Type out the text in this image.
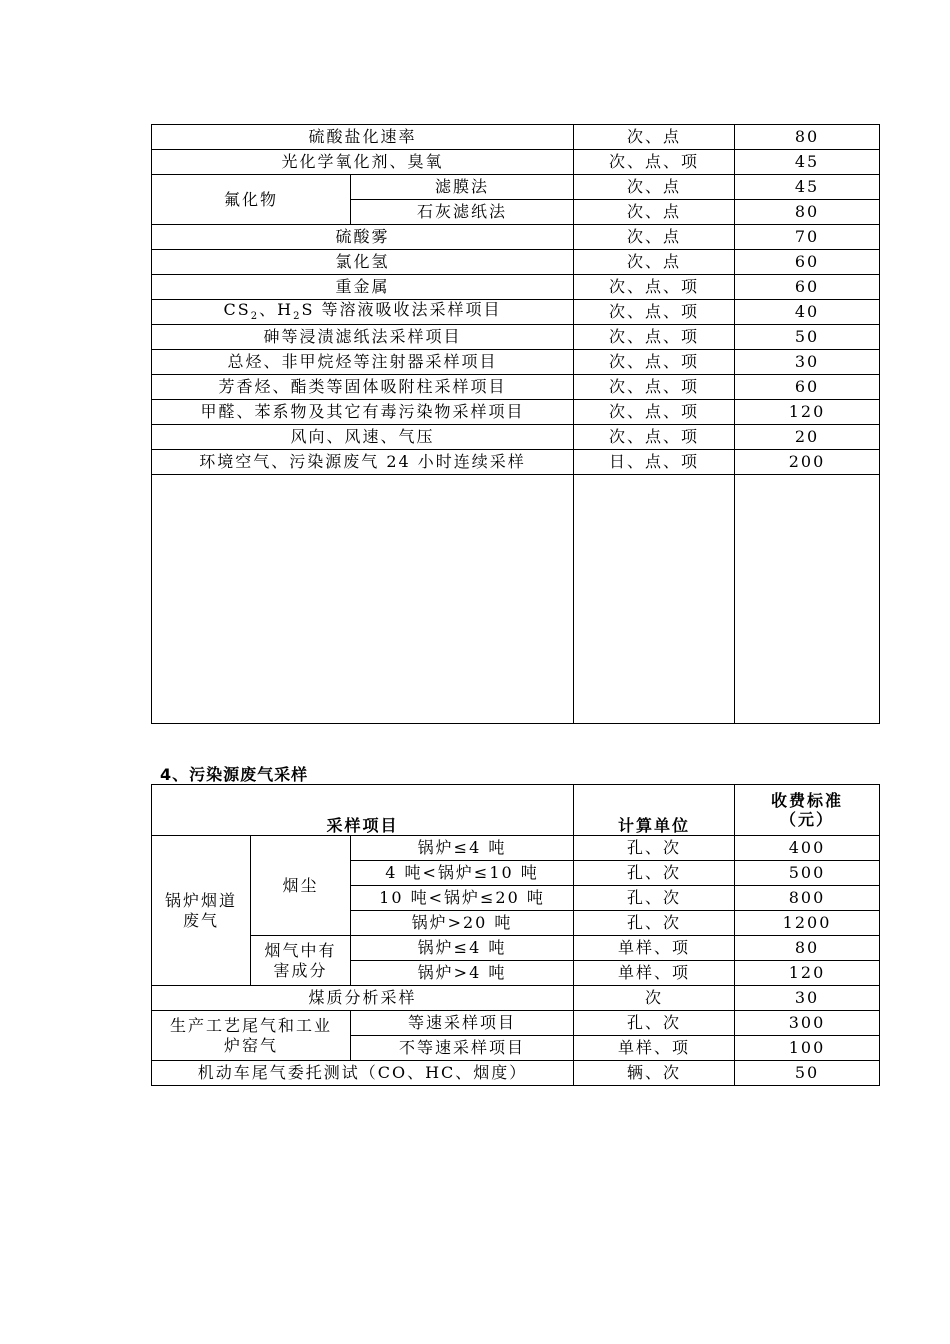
硫酸盐化速率		次、点	80
光化学氧化剂、臭氧		次、点、项	45
氟化物	滤膜法	次、点	45
	石灰滤纸法	次、点	80
硫酸雾		次、点	70
氯化氢		次、点	60
重金属		次、点、项	60
$CS_2$、$H_2S$ 等溶液吸收法采样项目		次、点、项	40
砷等浸渍滤纸法采样项目		次、点、项	50
总烃、非甲烷烃等注射器采样项目		次、点、项	30
芳香烃、酯类等固体吸附柱采样项目		次、点、项	60
甲醛、苯系物及其它有毒污染物采样项目		次、点、项	120
风向、风速、气压		次、点、项	20
环境空气、污染源废气 24 小时连续采样		日、点、项	200

4、污染源废气采样
采样项目			计算单位	收费标准
（元）

锅炉烟道废气	烟尘	锅炉≤4 吨	孔、次	400
		4 吨<锅炉≤10 吨	孔、次	500
		10 吨<锅炉≤20 吨	孔、次	800
		锅炉>20 吨	孔、次	1200
	烟气中有害成分	锅炉≤4 吨	单样、项	80
		锅炉>4 吨	单样、项	120
煤质分析采样			次	30
生产工艺尾气和工业炉窑气		等速采样项目	孔、次	300
		不等速采样项目	单样、项	100
机动车尾气委托测试（CO、HC、烟度）			辆、次	50
